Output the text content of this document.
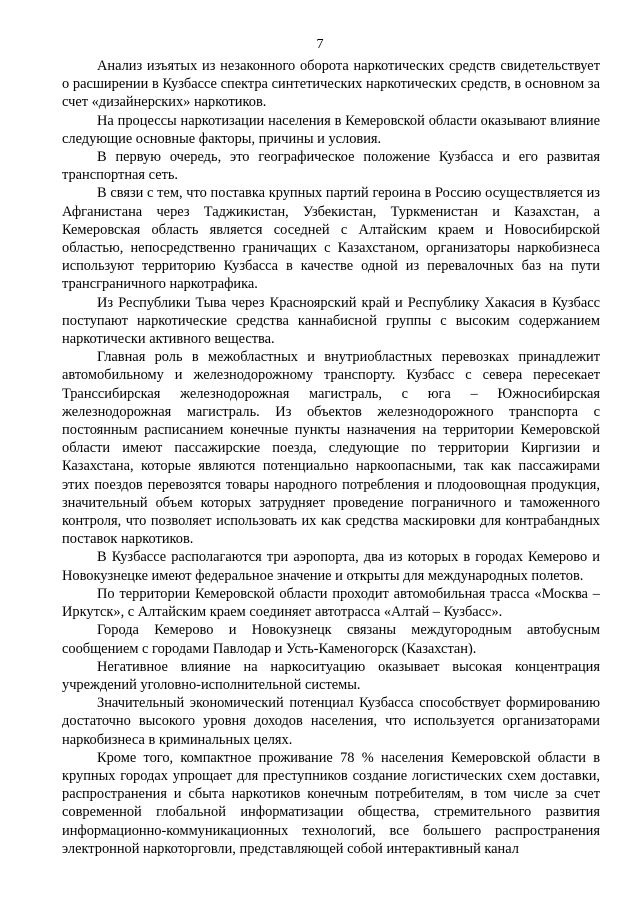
7

Анализ изъятых из незаконного оборота наркотических средств свидетельствует о расширении в Кузбассе спектра синтетических наркотических средств, в основном за счет «дизайнерских» наркотиков.

На процессы наркотизации населения в Кемеровской области оказывают влияние следующие основные факторы, причины и условия.

В первую очередь, это географическое положение Кузбасса и его развитая транспортная сеть.

В связи с тем, что поставка крупных партий героина в Россию осуществляется из Афганистана через Таджикистан, Узбекистан, Туркменистан и Казахстан, а Кемеровская область является соседней с Алтайским краем и Новосибирской областью, непосредственно граничащих с Казахстаном, организаторы наркобизнеса используют территорию Кузбасса в качестве одной из перевалочных баз на пути трансграничного наркотрафика.

Из Республики Тыва через Красноярский край и Республику Хакасия в Кузбасс поступают наркотические средства каннабисной группы с высоким содержанием наркотически активного вещества.

Главная роль в межобластных и внутриобластных перевозках принадлежит автомобильному и железнодорожному транспорту. Кузбасс с севера пересекает Транссибирская железнодорожная магистраль, с юга – Южносибирская железнодорожная магистраль. Из объектов железнодорожного транспорта с постоянным расписанием конечные пункты назначения на территории Кемеровской области имеют пассажирские поезда, следующие по территории Киргизии и Казахстана, которые являются потенциально наркоопасными, так как пассажирами этих поездов перевозятся товары народного потребления и плодоовощная продукция, значительный объем которых затрудняет проведение пограничного и таможенного контроля, что позволяет использовать их как средства маскировки для контрабандных поставок наркотиков.

В Кузбассе располагаются три аэропорта, два из которых в городах Кемерово и Новокузнецке имеют федеральное значение и открыты для международных полетов.

По территории Кемеровской области проходит автомобильная трасса «Москва – Иркутск», с Алтайским краем соединяет автотрасса «Алтай – Кузбасс».

Города Кемерово и Новокузнецк связаны междугородным автобусным сообщением с городами Павлодар и Усть-Каменогорск (Казахстан).

Негативное влияние на наркоситуацию оказывает высокая концентрация учреждений уголовно-исполнительной системы.

Значительный экономический потенциал Кузбасса способствует формированию достаточно высокого уровня доходов населения, что используется организаторами наркобизнеса в криминальных целях.

Кроме того, компактное проживание 78 % населения Кемеровской области в крупных городах упрощает для преступников создание логистических схем доставки, распространения и сбыта наркотиков конечным потребителям, в том числе за счет современной глобальной информатизации общества, стремительного развития информационно-коммуникационных технологий, все большего распространения электронной наркоторговли, представляющей собой интерактивный канал
